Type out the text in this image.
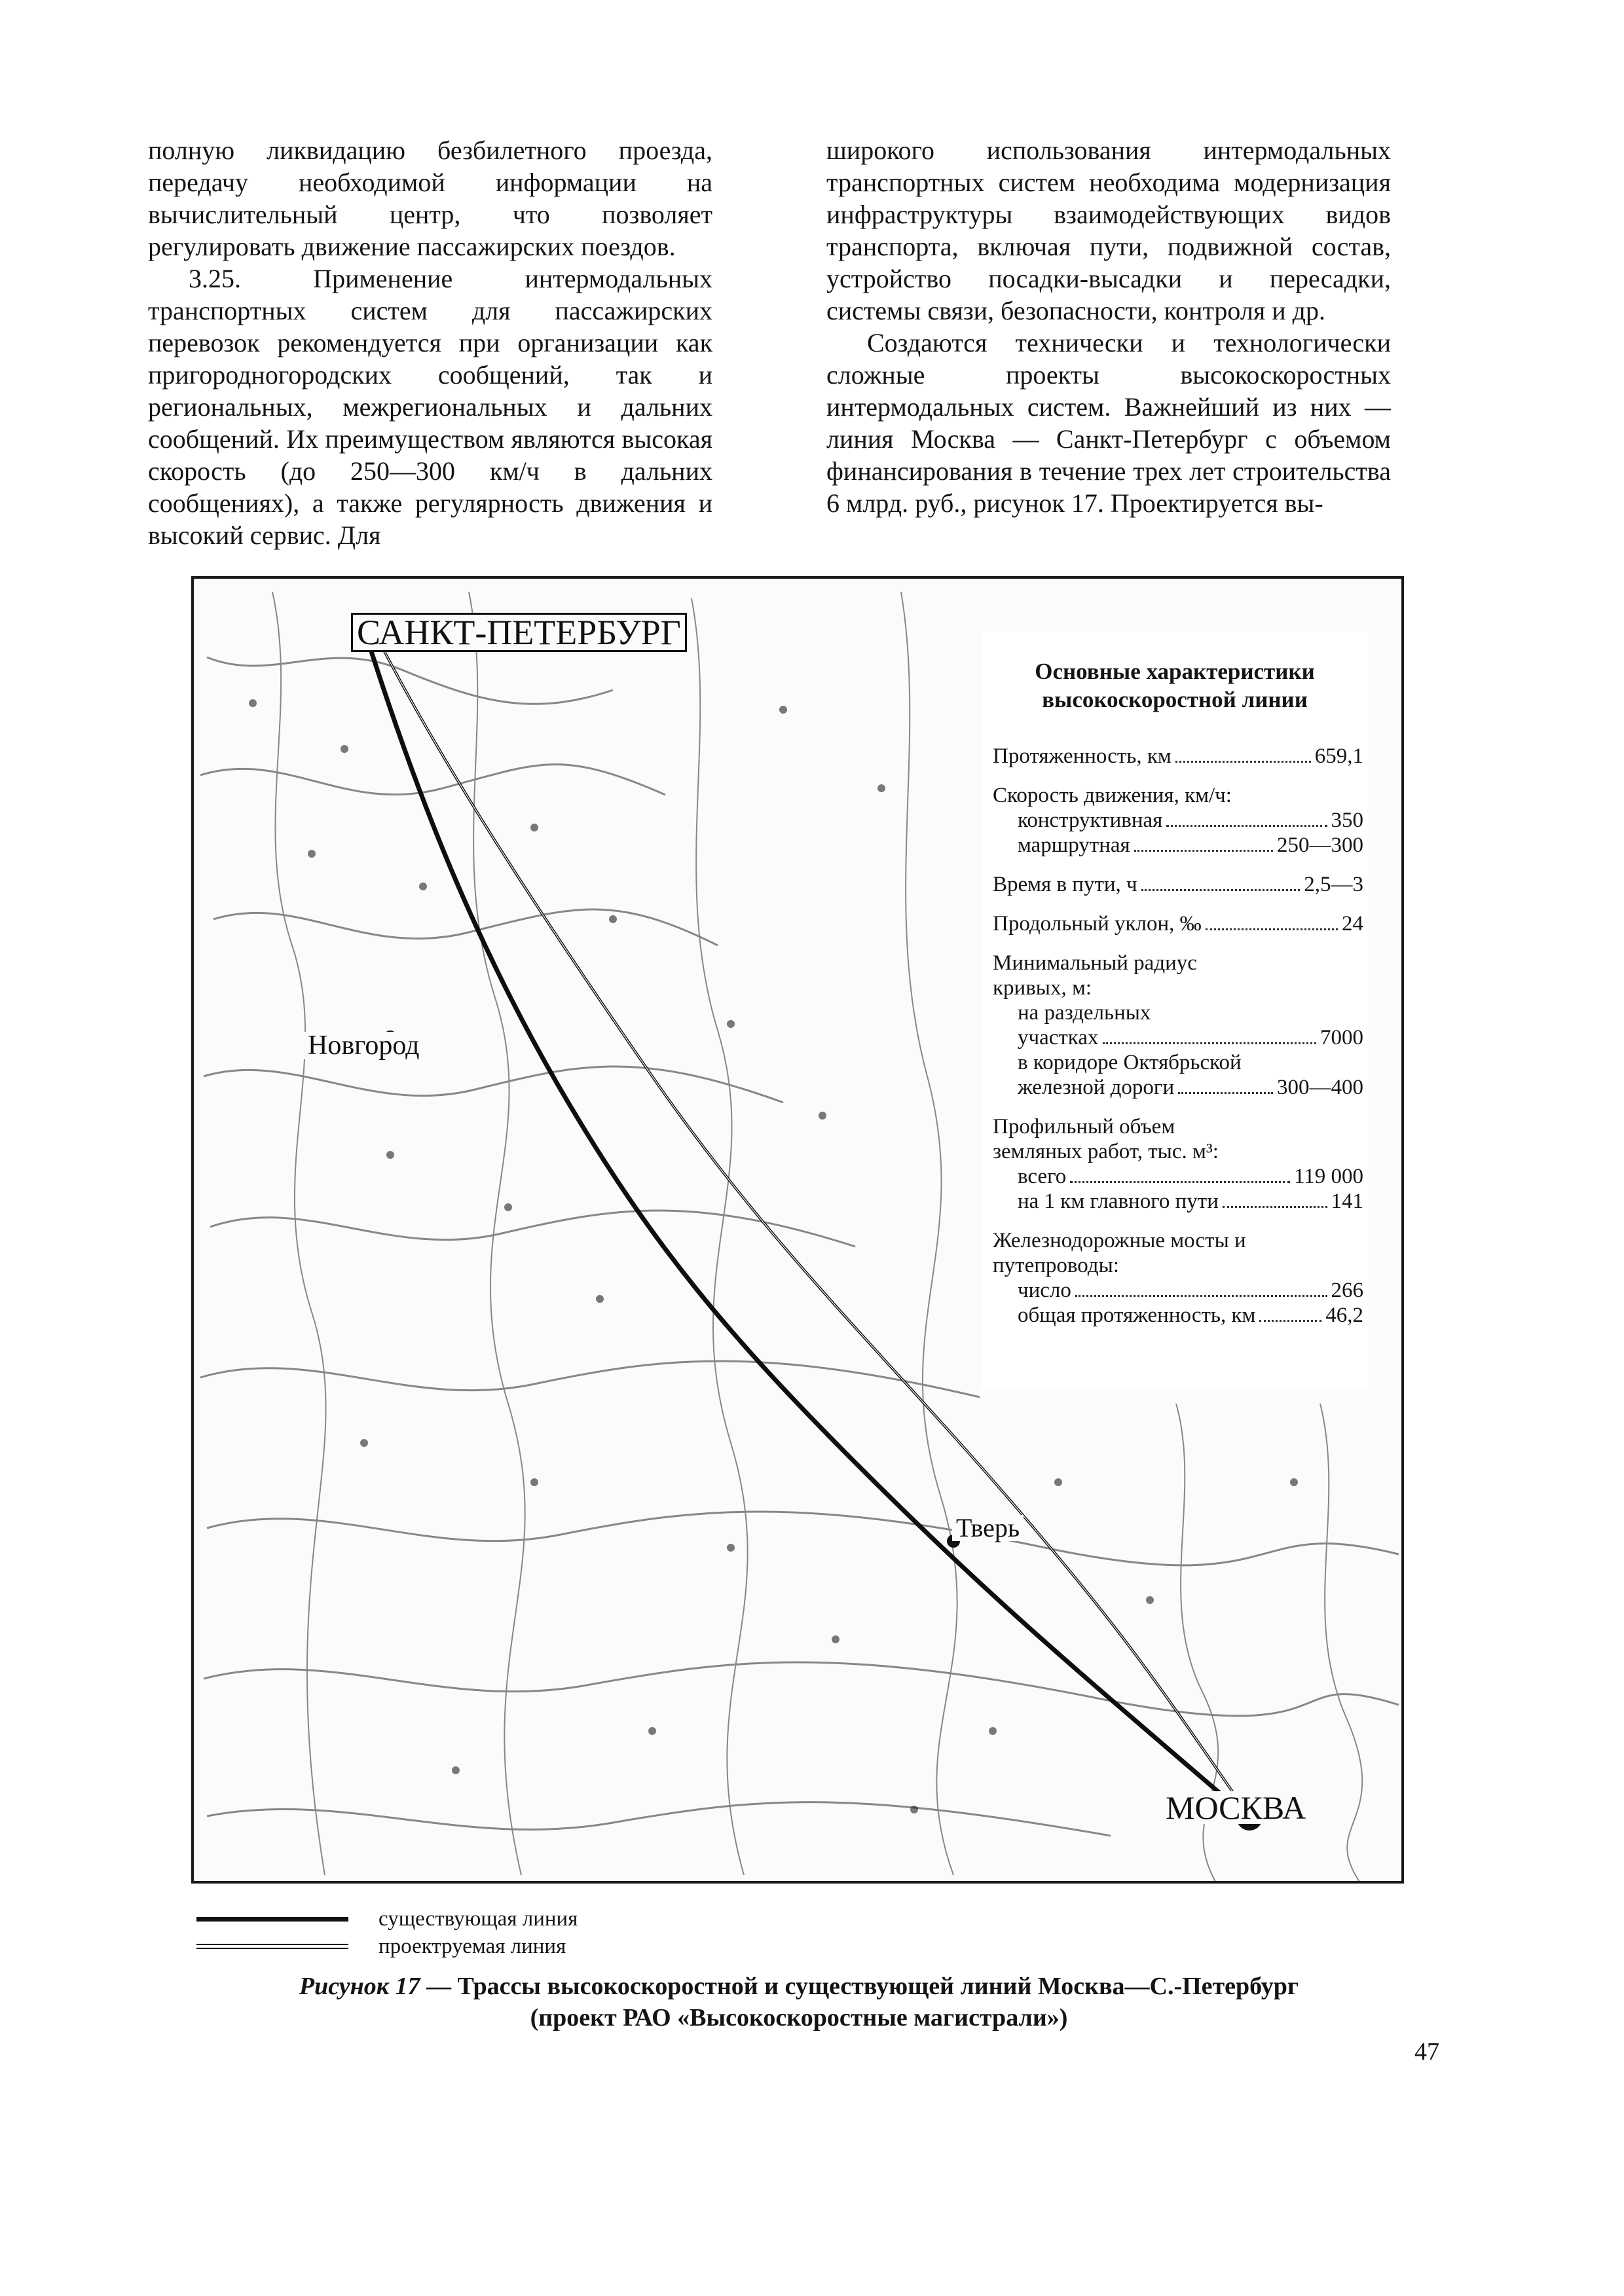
полную ликвидацию безбилетного проезда, передачу необходимой информации на вычислительный центр, что позволяет регулировать движение пассажирских поездов.

3.25. Применение интермодальных транспортных систем для пассажирских перевозок рекомендуется при организации как пригородногородских сообщений, так и региональных, межрегиональных и дальних сообщений. Их преимуществом являются высокая скорость (до 250—300 км/ч в дальних сообщениях), а также регулярность движения и высокий сервис. Для

широкого использования интермодальных транспортных систем необходима модернизация инфраструктуры взаимодействующих видов транспорта, включая пути, подвижной состав, устройство посадки-высадки и пересадки, системы связи, безопасности, контроля и др.

Создаются технически и технологически сложные проекты высокоскоростных интермодальных систем. Важнейший из них — линия Москва — Санкт-Петербург с объемом финансирования в течение трех лет строительства 6 млрд. руб., рисунок 17. Проектируется вы-

САНКТ-ПЕТЕРБУРГ
Новгород
Тверь
МОСКВА
Основные характеристики высокоскоростной линии
Протяженность, км	659,1
Скорость движения, км/ч:
конструктивная	350
маршрутная	250—300
Время в пути, ч	2,5—3
Продольный уклон, ‰	24
Минимальный радиус кривых, м:
на раздельных
участках	7000
в коридоре Октябрьской
железной дороги	300—400
Профильный объем земляных работ, тыс. м³:
всего	119 000
на 1 км главного пути	141
Железнодорожные мосты и путепроводы:
число	266
общая протяженность, км	46,2
существующая линия
проектруемая линия
Рисунок 17 — Трассы высокоскоростной и существующей линий Москва—С.-Петербург
(проект РАО «Высокоскоростные магистрали»)
47
